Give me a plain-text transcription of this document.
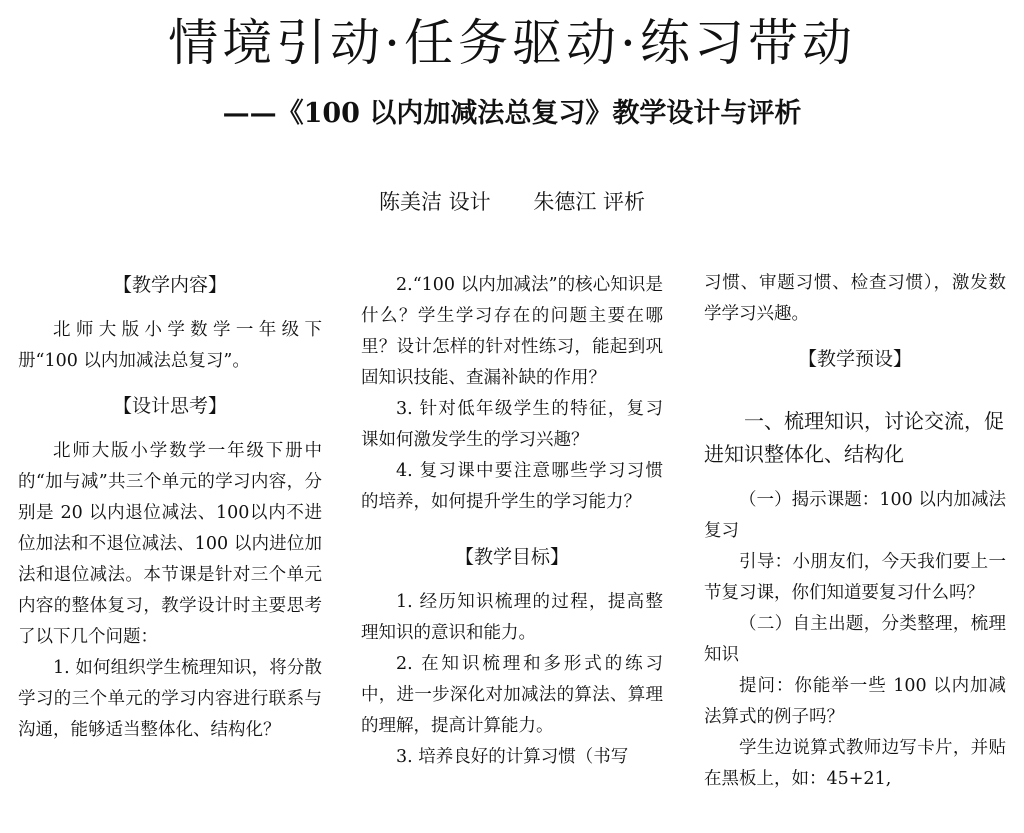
情境引动·任务驱动·练习带动
——《100 以内加减法总复习》教学设计与评析
陈美洁 设计 朱德江 评析
【教学内容】

北师大版小学数学一年级下册“100 以内加减法总复习”。

【设计思考】

北师大版小学数学一年级下册中的“加与减”共三个单元的学习内容，分别是 20 以内退位减法、100以内不进位加法和不退位减法、100 以内进位加法和退位减法。本节课是针对三个单元内容的整体复习，教学设计时主要思考了以下几个问题：

1. 如何组织学生梳理知识，将分散学习的三个单元的学习内容进行联系与沟通，能够适当整体化、结构化？

2.“100 以内加减法”的核心知识是什么？学生学习存在的问题主要在哪里？设计怎样的针对性练习，能起到巩固知识技能、查漏补缺的作用？

3. 针对低年级学生的特征，复习课如何激发学生的学习兴趣？

4. 复习课中要注意哪些学习习惯的培养，如何提升学生的学习能力？

【教学目标】

1. 经历知识梳理的过程，提高整理知识的意识和能力。

2. 在知识梳理和多形式的练习中，进一步深化对加减法的算法、算理的理解，提高计算能力。

3. 培养良好的计算习惯（书写

习惯、审题习惯、检查习惯），激发数学学习兴趣。

【教学预设】
一、梳理知识，讨论交流，促进知识整体化、结构化

（一）揭示课题：100 以内加减法复习

引导：小朋友们，今天我们要上一节复习课，你们知道要复习什么吗？

（二）自主出题，分类整理，梳理知识

提问：你能举一些 100 以内加减法算式的例子吗？

学生边说算式教师边写卡片，并贴在黑板上，如：45+21,
